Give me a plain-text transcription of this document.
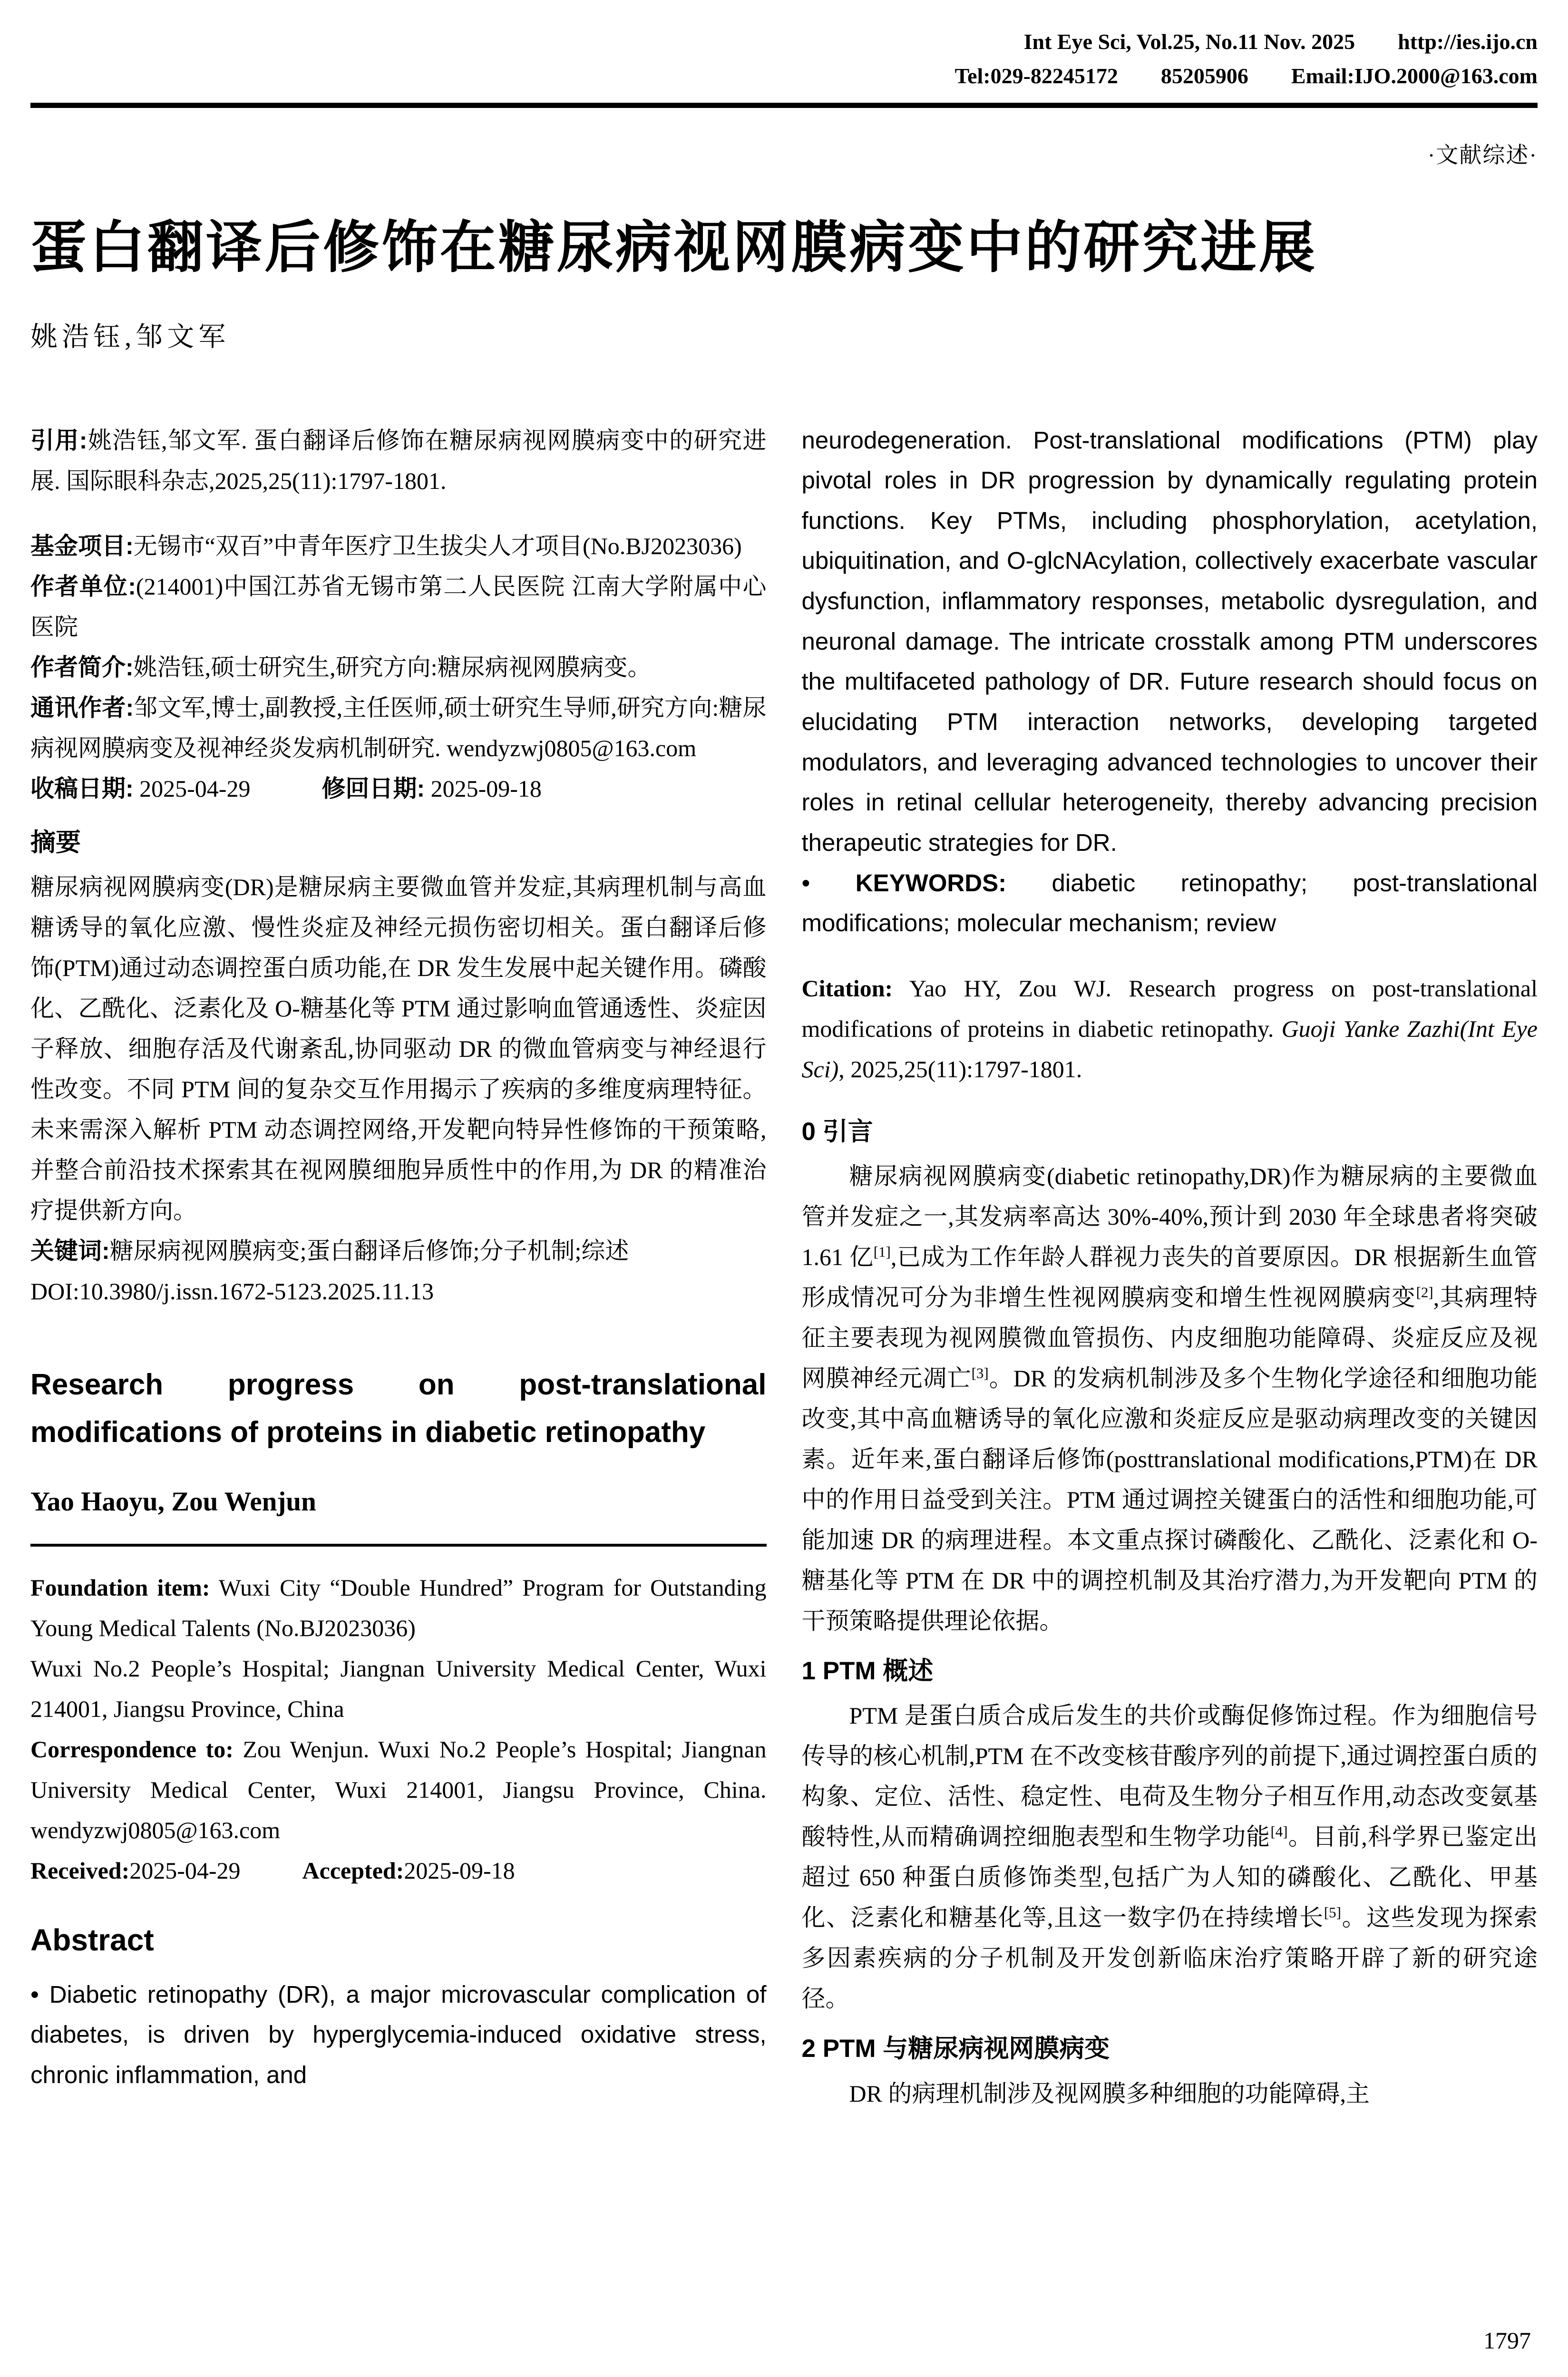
Int Eye Sci, Vol.25, No.11 Nov. 2025 http://ies.ijo.cn
Tel:029-82245172 85205906 Email:IJO.2000@163.com
·文献综述·
蛋白翻译后修饰在糖尿病视网膜病变中的研究进展
姚浩钰,邹文军

引用:姚浩钰,邹文军. 蛋白翻译后修饰在糖尿病视网膜病变中的研究进展. 国际眼科杂志,2025,25(11):1797-1801.

基金项目:无锡市“双百”中青年医疗卫生拔尖人才项目(No.BJ2023036)

作者单位:(214001)中国江苏省无锡市第二人民医院 江南大学附属中心医院

作者简介:姚浩钰,硕士研究生,研究方向:糖尿病视网膜病变。

通讯作者:邹文军,博士,副教授,主任医师,硕士研究生导师,研究方向:糖尿病视网膜病变及视神经炎发病机制研究. wendyzwj0805@163.com

收稿日期: 2025-04-29	修回日期: 2025-09-18

摘要

糖尿病视网膜病变(DR)是糖尿病主要微血管并发症,其病理机制与高血糖诱导的氧化应激、慢性炎症及神经元损伤密切相关。蛋白翻译后修饰(PTM)通过动态调控蛋白质功能,在 DR 发生发展中起关键作用。磷酸化、乙酰化、泛素化及 O-糖基化等 PTM 通过影响血管通透性、炎症因子释放、细胞存活及代谢紊乱,协同驱动 DR 的微血管病变与神经退行性改变。不同 PTM 间的复杂交互作用揭示了疾病的多维度病理特征。未来需深入解析 PTM 动态调控网络,开发靶向特异性修饰的干预策略,并整合前沿技术探索其在视网膜细胞异质性中的作用,为 DR 的精准治疗提供新方向。

关键词:糖尿病视网膜病变;蛋白翻译后修饰;分子机制;综述

DOI:10.3980/j.issn.1672-5123.2025.11.13

Research progress on post-translational modifications of proteins in diabetic retinopathy
Yao Haoyu, Zou Wenjun

Foundation item: Wuxi City “Double Hundred” Program for Outstanding Young Medical Talents (No.BJ2023036)

Wuxi No.2 People’s Hospital; Jiangnan University Medical Center, Wuxi 214001, Jiangsu Province, China

Correspondence to: Zou Wenjun. Wuxi No.2 People’s Hospital; Jiangnan University Medical Center, Wuxi 214001, Jiangsu Province, China. wendyzwj0805@163.com

Received:2025-04-29	Accepted:2025-09-18

Abstract

• Diabetic retinopathy (DR), a major microvascular complication of diabetes, is driven by hyperglycemia-induced oxidative stress, chronic inflammation, and

neurodegeneration. Post-translational modifications (PTM) play pivotal roles in DR progression by dynamically regulating protein functions. Key PTMs, including phosphorylation, acetylation, ubiquitination, and O-glcNAcylation, collectively exacerbate vascular dysfunction, inflammatory responses, metabolic dysregulation, and neuronal damage. The intricate crosstalk among PTM underscores the multifaceted pathology of DR. Future research should focus on elucidating PTM interaction networks, developing targeted modulators, and leveraging advanced technologies to uncover their roles in retinal cellular heterogeneity, thereby advancing precision therapeutic strategies for DR.

• KEYWORDS: diabetic retinopathy; post-translational modifications; molecular mechanism; review

Citation: Yao HY, Zou WJ. Research progress on post-translational modifications of proteins in diabetic retinopathy. Guoji Yanke Zazhi(Int Eye Sci), 2025,25(11):1797-1801.

0 引言

糖尿病视网膜病变(diabetic retinopathy,DR)作为糖尿病的主要微血管并发症之一,其发病率高达 30%-40%,预计到 2030 年全球患者将突破 1.61 亿[1],已成为工作年龄人群视力丧失的首要原因。DR 根据新生血管形成情况可分为非增生性视网膜病变和增生性视网膜病变[2],其病理特征主要表现为视网膜微血管损伤、内皮细胞功能障碍、炎症反应及视网膜神经元凋亡[3]。DR 的发病机制涉及多个生物化学途径和细胞功能改变,其中高血糖诱导的氧化应激和炎症反应是驱动病理改变的关键因素。近年来,蛋白翻译后修饰(posttranslational modifications,PTM)在 DR 中的作用日益受到关注。PTM 通过调控关键蛋白的活性和细胞功能,可能加速 DR 的病理进程。本文重点探讨磷酸化、乙酰化、泛素化和 O-糖基化等 PTM 在 DR 中的调控机制及其治疗潜力,为开发靶向 PTM 的干预策略提供理论依据。

1 PTM 概述

PTM 是蛋白质合成后发生的共价或酶促修饰过程。作为细胞信号传导的核心机制,PTM 在不改变核苷酸序列的前提下,通过调控蛋白质的构象、定位、活性、稳定性、电荷及生物分子相互作用,动态改变氨基酸特性,从而精确调控细胞表型和生物学功能[4]。目前,科学界已鉴定出超过 650 种蛋白质修饰类型,包括广为人知的磷酸化、乙酰化、甲基化、泛素化和糖基化等,且这一数字仍在持续增长[5]。这些发现为探索多因素疾病的分子机制及开发创新临床治疗策略开辟了新的研究途径。

2 PTM 与糖尿病视网膜病变

DR 的病理机制涉及视网膜多种细胞的功能障碍,主

1797
